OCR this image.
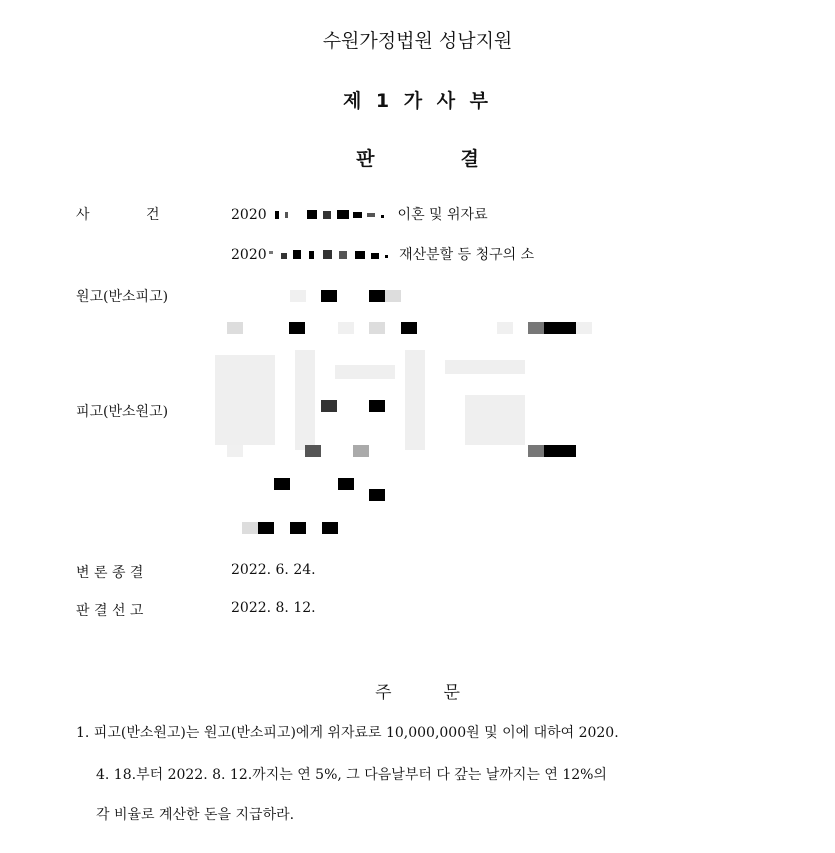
수원가정법원 성남지원
제 1 가 사 부
판	결
사 건	2020	이혼 및 위자료
2020	재산분할 등 청구의 소
원고(반소피고)
피고(반소원고)
변 론 종 결	2022. 6. 24.
판 결 선 고	2022. 8. 12.
주	문
1. 피고(반소원고)는 원고(반소피고)에게 위자료로 10,000,000원 및 이에 대하여 2020.
4. 18.부터 2022. 8. 12.까지는 연 5%, 그 다음날부터 다 갚는 날까지는 연 12%의
각 비율로 계산한 돈을 지급하라.
